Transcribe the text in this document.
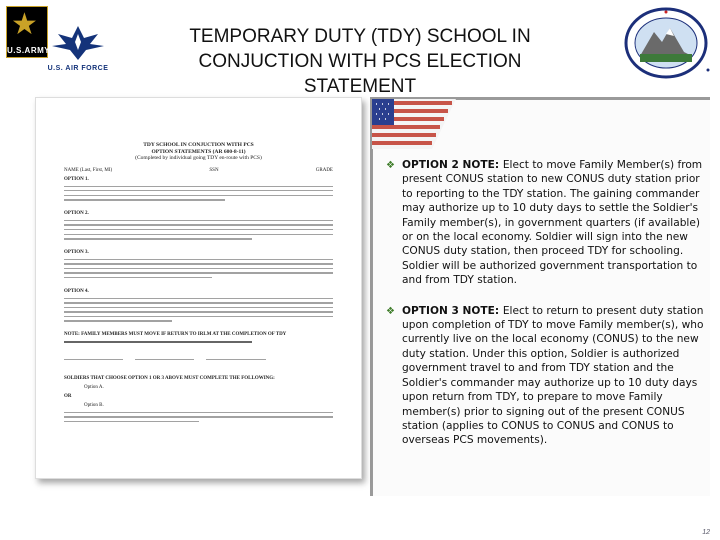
★
U.S.ARMY
U.S. AIR FORCE
TEMPORARY DUTY (TDY) SCHOOL IN
CONJUCTION WITH PCS ELECTION
STATEMENT
TDY SCHOOL IN CONJUCTION WITH PCS
OPTION STATEMENTS (AR 600-8-11)
(Completed by individual going TDY en-route with PCS)
NAME (Last, First, MI)	SSN	GRADE
OPTION 1.
OPTION 2.
OPTION 3.
OPTION 4.
NOTE: FAMILY MEMBERS MUST MOVE IF RETURN TO IRLM AT THE COMPLETION OF TDY
SOLDIERS THAT CHOOSE OPTION 1 OR 3 ABOVE MUST COMPLETE THE FOLLOWING:
Option A.
OR
Option B.
❖ OPTION 2 NOTE: Elect to move Family Member(s) from present CONUS station to new CONUS duty station prior to reporting to the TDY station. The gaining commander may authorize up to 10 duty days to settle the Soldier's Family member(s), in government quarters (if available) or on the local economy. Soldier will sign into the new CONUS duty station, then proceed TDY for schooling. Soldier will be authorized government transportation to and from TDY station.
❖ OPTION 3 NOTE: Elect to return to present duty station upon completion of TDY to move Family member(s), who currently live on the local economy (CONUS) to the new duty station. Under this option, Soldier is authorized government travel to and from TDY station and the Soldier's commander may authorize up to 10 duty days upon return from TDY, to prepare to move Family member(s) prior to signing out of the present CONUS station (applies to CONUS to CONUS and CONUS to overseas PCS movements).
12
